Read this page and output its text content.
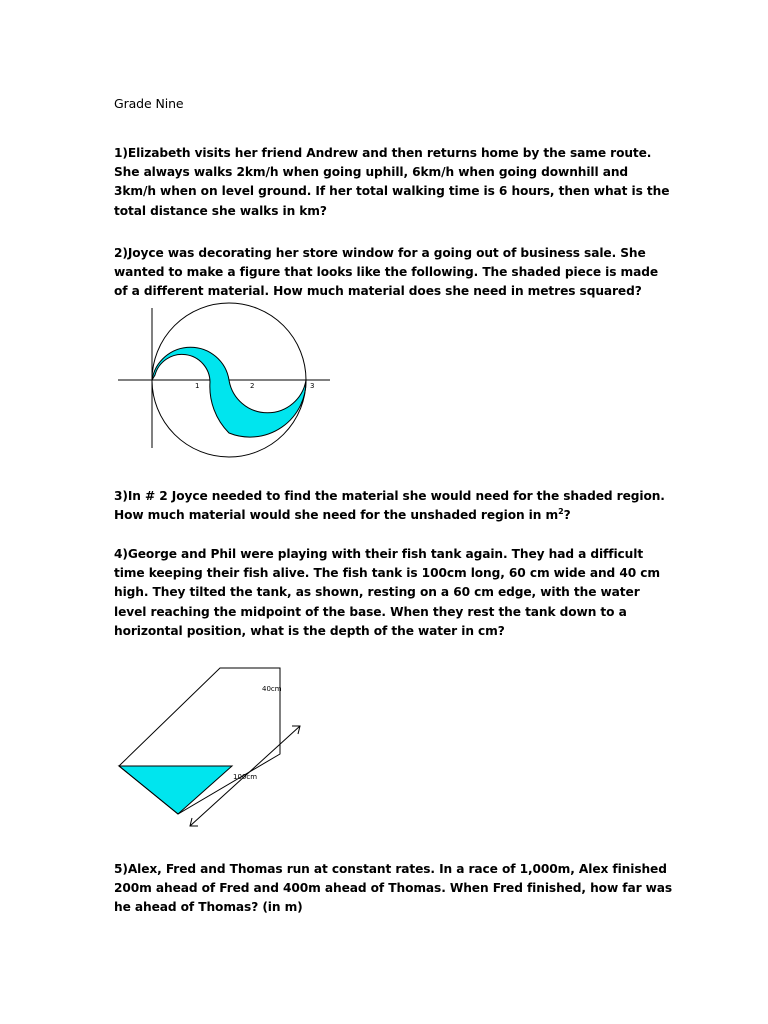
Grade Nine
1)Elizabeth visits her friend Andrew and then returns home by the same route. She always walks 2km/h when going uphill, 6km/h when going downhill and 3km/h when on level ground. If her total walking time is 6 hours, then what is the total distance she walks in km?
2)Joyce was decorating her store window for a going out of business sale. She wanted to make a figure that looks like the following. The shaded piece is made of a different material. How much material does she need in metres squared?
1	2	3
3)In # 2 Joyce needed to find the material she would need for the shaded region. How much material would she need for the unshaded region in $m^2$?
4)George and Phil were playing with their fish tank again. They had a difficult time keeping their fish alive. The fish tank is 100cm long, 60 cm wide and 40 cm high. They tilted the tank, as shown, resting on a 60 cm edge, with the water level reaching the midpoint of the base. When they rest the tank down to a horizontal position, what is the depth of the water in cm?
40cm
100cm
5)Alex, Fred and Thomas run at constant rates. In a race of 1,000m, Alex finished 200m ahead of Fred and 400m ahead of Thomas. When Fred finished, how far was he ahead of Thomas? (in m)
